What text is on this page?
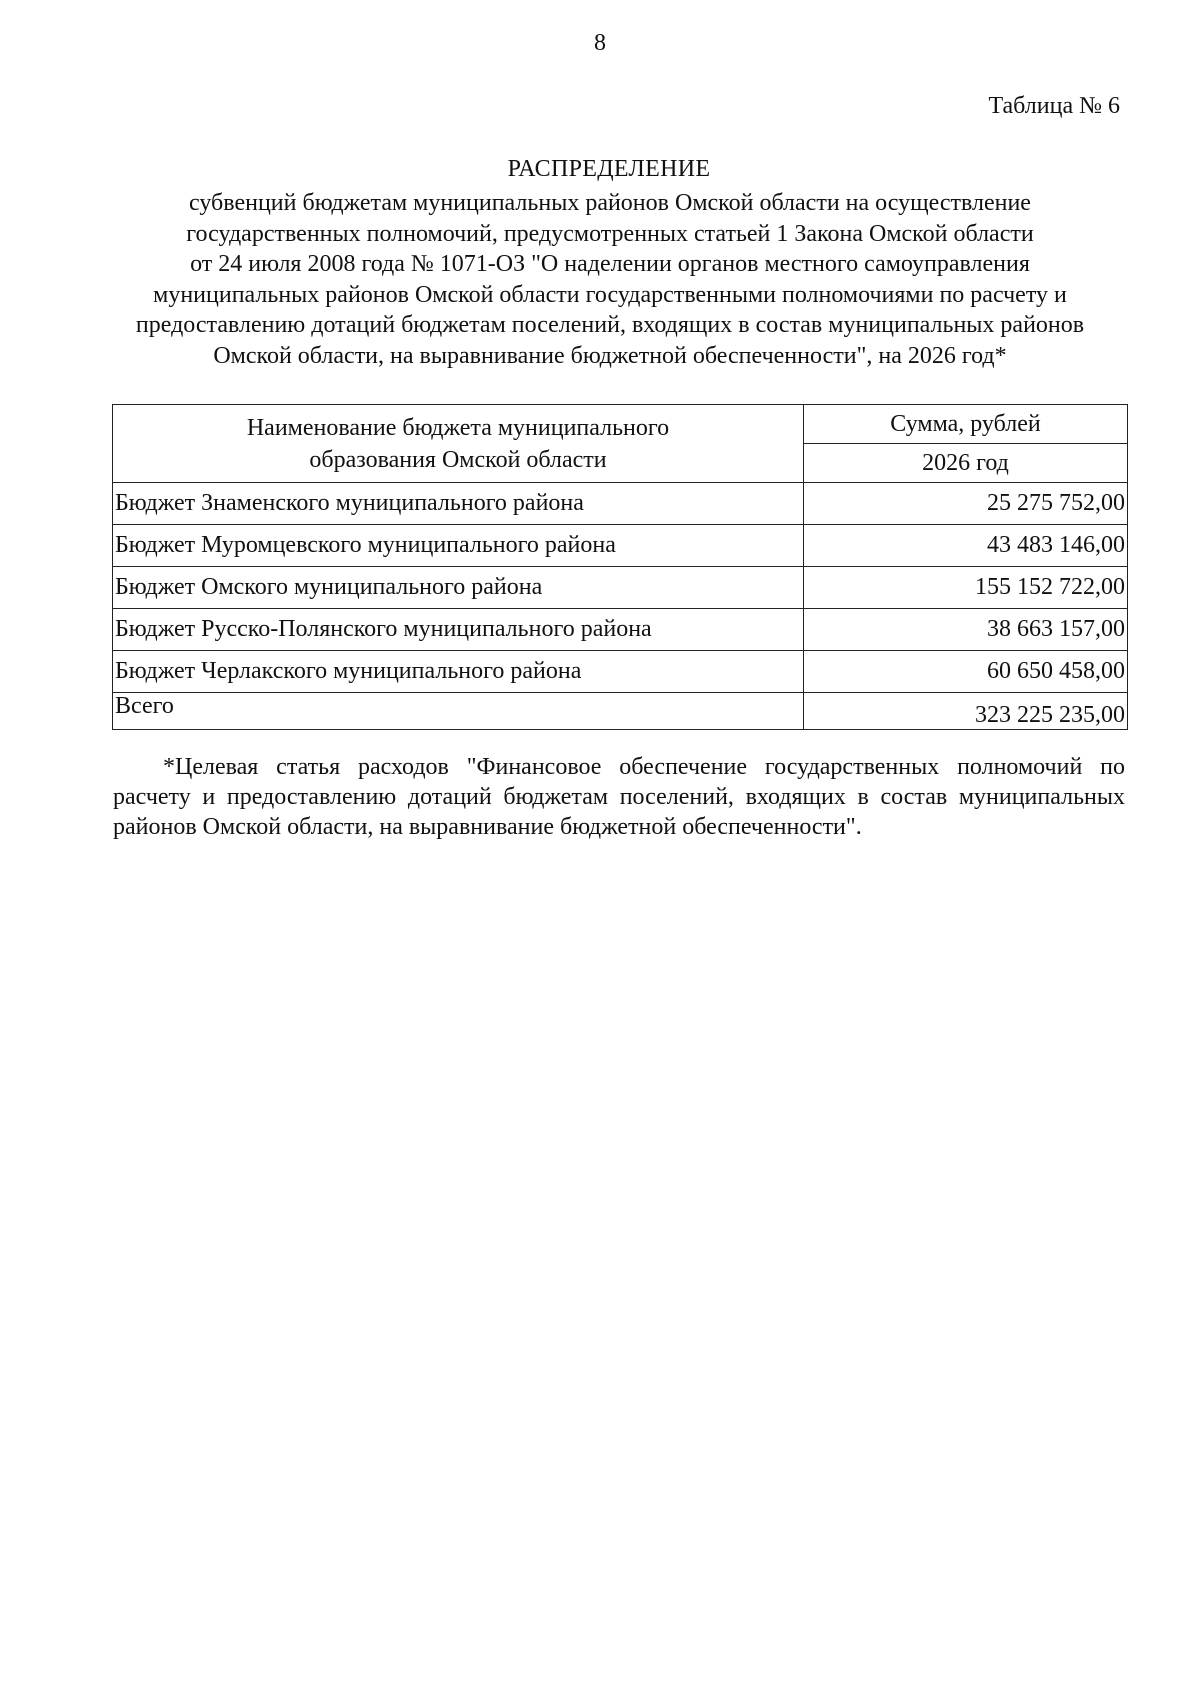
8
Таблица № 6
РАСПРЕДЕЛЕНИЕ
субвенций бюджетам муниципальных районов Омской области на осуществление
государственных полномочий, предусмотренных статьей 1 Закона Омской области
от 24 июля 2008 года № 1071-ОЗ "О наделении органов местного самоуправления
муниципальных районов Омской области государственными полномочиями по расчету и
предоставлению дотаций бюджетам поселений, входящих в состав муниципальных районов
Омской области, на выравнивание бюджетной обеспеченности", на 2026 год*
Наименование бюджета муниципального
образования Омской области	Сумма, рублей
	2026 год
Бюджет Знаменского муниципального района	25 275 752,00
Бюджет Муромцевского муниципального района	43 483 146,00
Бюджет Омского муниципального района	155 152 722,00
Бюджет Русско-Полянского муниципального района	38 663 157,00
Бюджет Черлакского муниципального района	60 650 458,00
Всего	323 225 235,00
*Целевая статья расходов "Финансовое обеспечение государственных полномочий по
расчету и предоставлению дотаций бюджетам поселений, входящих в состав муниципальных
районов Омской области, на выравнивание бюджетной обеспеченности".
